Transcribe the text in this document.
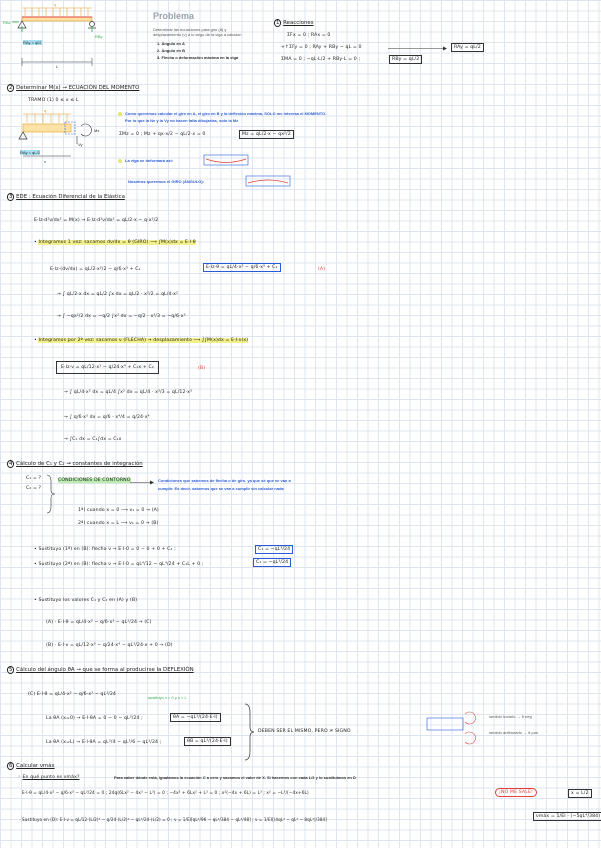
q
L
RAx
RAy = ql/2
RBy
Problema
Determinar las ecuaciones para giro (θ) y
desplazamiento (ν) a lo largo de la viga a calcular:
1. Ángulo en A
2. Ángulo en B
3. Flecha o deformación máxima en la viga
1 Reacciones
ΣFx = 0 ; RAx = 0
+↑ΣFy = 0 ; RAy + RBy − qL = 0
ΣMA = 0 ; −qL·L/2 + RBy·L = 0 ;
→	RAy = qL/2
RBy = qL/2
2 Determinar M(x) → ECUACIÓN DEL MOMENTO
TRAMO (1) 0 ≤ x ≤ L
q
Mz
Vy
RAy = qL/2
x
Como queremos calcular el giro en A, el giro en B y la deflexión máxima, SOLO me interesa el MOMENTO.
Por lo que la Nx y la Vy no hacen falta dibujarlas, solo la Mz
ΣMz = 0 ; Mz + qx·x/2 − qL/2·x = 0	Mz = qL/2·x − qx²/2
La viga se deformará así:
Nosotros queremos el GIRO (ÁNGULO):
3 EDE : Ecuación Diferencial de la Elástica
E·Iz·d²ν/dx² = M(x) → E·Iz·d²ν/dx² = qL/2·x − q·x²/2
• Integramos 1 vez: sacamos dν/dx = θ (GIRO) ⟶ ∫M(x)dx = E·I·θ
E·Iz·(dν/dx) = qL/2·x²/2 − q/6·x³ + C₁	E·Iz·θ = qL/4·x² − q/6·x³ + C₁	(A)
→ ∫ qL/2·x dx = qL/2 ∫x dx = qL/2 · x²/2 = qL/4·x²
→ ∫ −qx²/2 dx = −q/2 ∫x² dx = −q/2 · x³/3 = −q/6·x³
• Integramos por 2ª vez: sacamos ν (FLECHA) → desplazamiento ⟶ ∫∫M(x)dx = E·I·ν(x)
E·Iz·ν = qL/12·x³ − q/24·x⁴ + C₁x + C₂	(B)
→ ∫ qL/4·x² dx = qL/4 ∫x² dx = qL/4 · x³/3 = qL/12·x³
→ ∫ q/6·x³ dx = q/6 · x⁴/4 = q/24·x⁴
→ ∫C₁ dx = C₁∫dx = C₁x
4 Cálculo de C₁ y C₂ → constantes de integración
C₁ = ?
C₂ = ?
CONDICIONES DE CONTORNO	Condiciones que sabemos de flecha o de giro, ya que sé que se van a
cumplir. Es decir, sabemos que se van a cumplir sin calcular nada
1ª) cuando x = 0 ⟶ ν₁ = 0 → (A)
2ª) cuando x = L ⟶ ν₁ = 0 → (B)
• Sustituyo (1ª) en (B): flecha ν → E·I·0 = 0 − 0 + 0 + C₂ ;	C₁ = −qL³/24
• Sustituyo (2ª) en (B): flecha ν → E·I·0 = qL⁴/12 − qL⁴/24 + C₁L + 0 ;	C₁ = −qL³/24
• Sustituyo los valores C₁ y C₂ en (A) y (B)
(A) · E·I·θ = qL/4·x² − q/6·x³ − qL³/24 → (C)
(B) · E·I·ν = qL/12·x³ − q/24·x⁴ − qL³/24·x + 0 → (D)
5 Cálculo del ángulo θA → que se forma al producirse la DEFLEXIÓN
(C) E·I·θ = qL/4·x² − q/6·x³ − qL³/24
sustituyo x = 0 y x = L
La θA (x=0) → E·I·θA = 0 − 0 − qL³/24 ;	θA = −qL³/(24·E·I)
La θA (x=L) → E·I·θA = qL³/4 − qL³/6 − qL³/24 ;	θB = qL³/(24·E·I)
DEBEN SER EL MISMO, PERO ≠ SIGNO
sentido horario → θ neg
sentido antihorario → θ pos
6 Calcular νmáx
◦ En qué punto es νmáx?	Para saber dónde está, igualamos la ecuación C a cero y sacamos el valor de X. Si hacemos con cada L/2 y lo sustituimos en D
E·I·θ = qL/4·x² − q/6·x³ − qL³/24 = 0 ; 24q(6Lx² − 4x³ − L³) = 0 ; −4x³ + 6Lx² + L³ = 0 ; x²(−4x + 6L) = L³ ; x² = −L³/(−4x+6L)	¡NO ME SALE!	x = L/2
Sustituyo en (D): E·I·ν = qL/12·(L/2)³ − q/24·(L/2)⁴ − qL³/24·(L/2) = 0 ; ν = 1/EI[qL⁴/96 − qL⁴/384 − qL⁴/48] ; ν = 1/EI[(4qL⁴ − qL⁴ − 8qL⁴)/384]
νmáx = 1/EI · (−5qL⁴/384)
